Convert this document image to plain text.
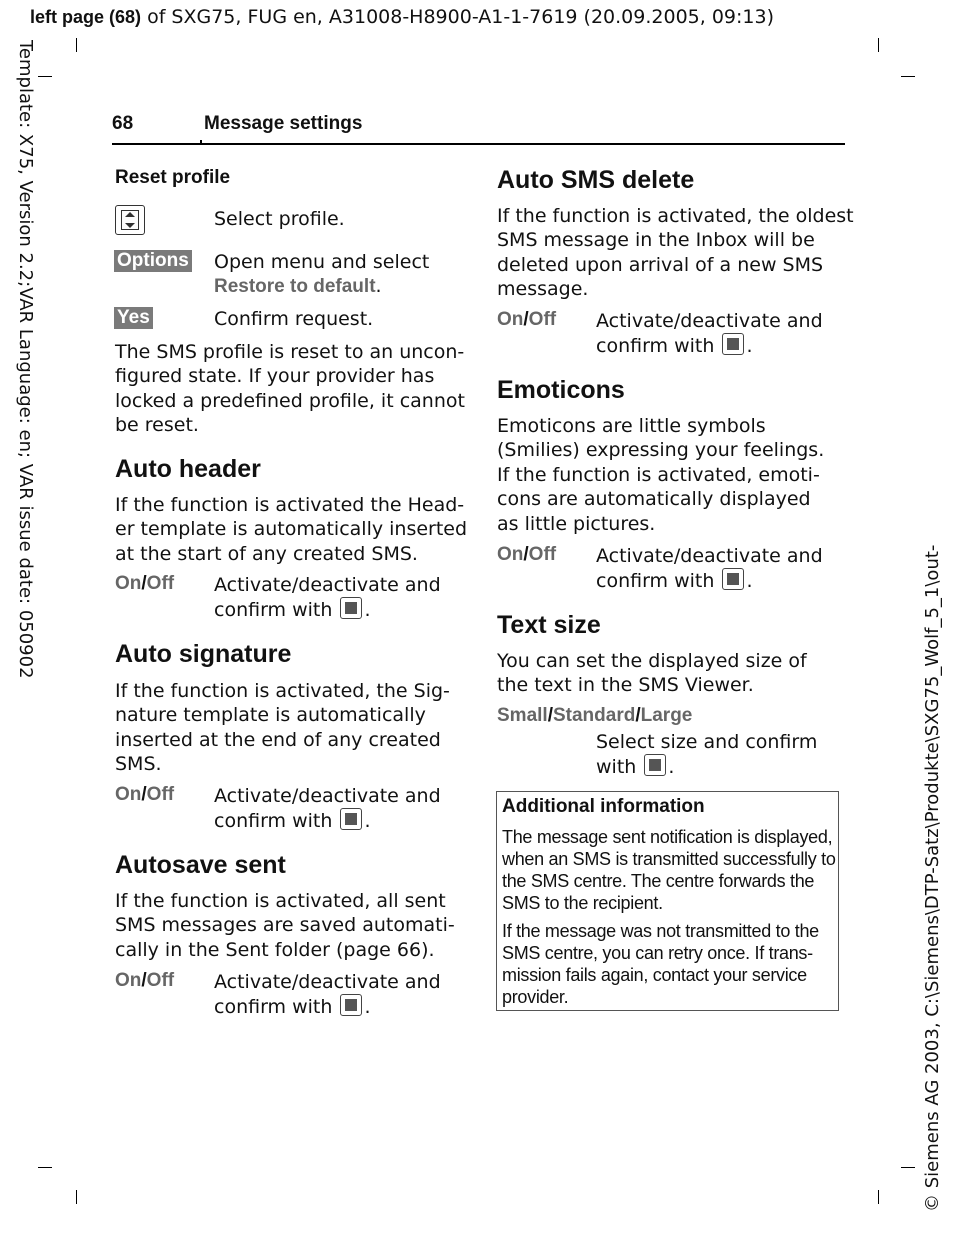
left page (68) of SXG75, FUG en, A31008-H8900-A1-1-7619 (20.09.2005, 09:13)
Template: X75, Version 2.2;VAR Language: en; VAR issue date: 050902
© Siemens AG 2003, C:\Siemens\DTP-Satz\Produkte\SXG75_Wolf_5_1\out-
68	Message settings
Reset profile
Select profile.
Options Open menu and select
Restore to default.
Yes	Confirm request.
The SMS profile is reset to an uncon-
figured state. If your provider has
locked a predefined profile, it cannot
be reset.
Auto header
If the function is activated the Head-
er template is automatically inserted
at the start of any created SMS.
On/Off Activate/deactivate and
confirm with .
Auto signature
If the function is activated, the Sig-
nature template is automatically
inserted at the end of any created
SMS.
On/Off Activate/deactivate and
confirm with .
Autosave sent
If the function is activated, all sent
SMS messages are saved automati-
cally in the Sent folder (page 66).
On/Off Activate/deactivate and
confirm with .
Auto SMS delete
If the function is activated, the oldest
SMS message in the Inbox will be
deleted upon arrival of a new SMS
message.
On/Off Activate/deactivate and
confirm with .
Emoticons
Emoticons are little symbols
(Smilies) expressing your feelings.
If the function is activated, emoti-
cons are automatically displayed
as little pictures.
On/Off Activate/deactivate and
confirm with .
Text size
You can set the displayed size of
the text in the SMS Viewer.
Small/Standard/Large
Select size and confirm
with .
Additional information
The message sent notification is displayed,
when an SMS is transmitted successfully to
the SMS centre. The centre forwards the
SMS to the recipient.
If the message was not transmitted to the
SMS centre, you can retry once. If trans-
mission fails again, contact your service
provider.
